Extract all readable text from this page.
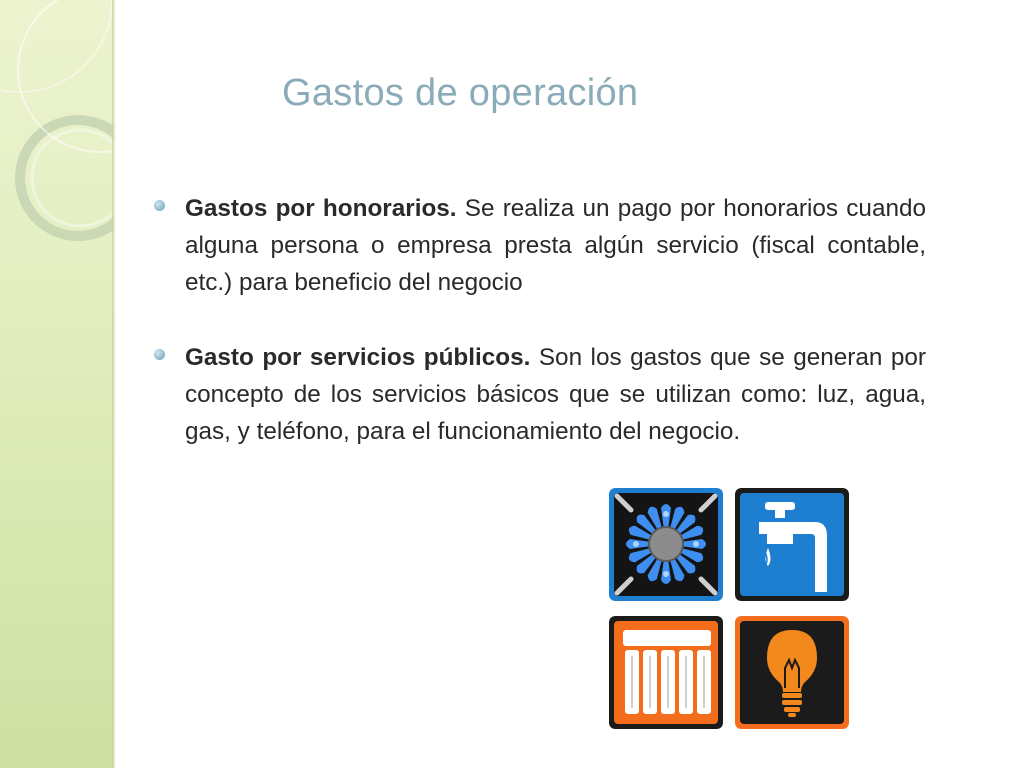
Gastos de operación

Gastos por honorarios. Se realiza un pago por honorarios cuando alguna persona o empresa presta algún servicio (fiscal contable, etc.) para beneficio del negocio

Gasto por servicios públicos. Son los gastos que se generan por concepto de los servicios básicos que se utilizan como: luz, agua, gas, y teléfono, para el funcionamiento del negocio.
